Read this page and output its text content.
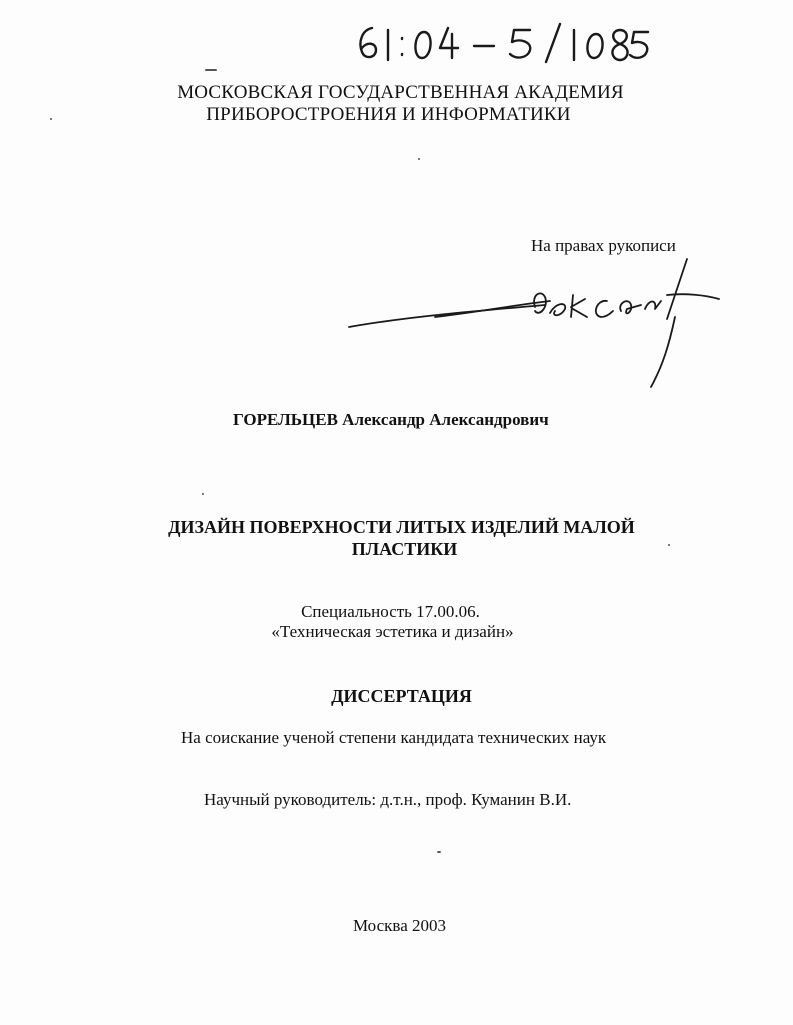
МОСКОВСКАЯ ГОСУДАРСТВЕННАЯ АКАДЕМИЯ
ПРИБОРОСТРОЕНИЯ И ИНФОРМАТИКИ
На правах рукописи
ГОРЕЛЬЦЕВ Александр Александрович
ДИЗАЙН ПОВЕРХНОСТИ ЛИТЫХ ИЗДЕЛИЙ МАЛОЙ
ПЛАСТИКИ
Специальность 17.00.06.
«Техническая эстетика и дизайн»
ДИССЕРТАЦИЯ
На соискание ученой степени кандидата технических наук
Научный руководитель: д.т.н., проф. Куманин В.И.
Москва 2003
